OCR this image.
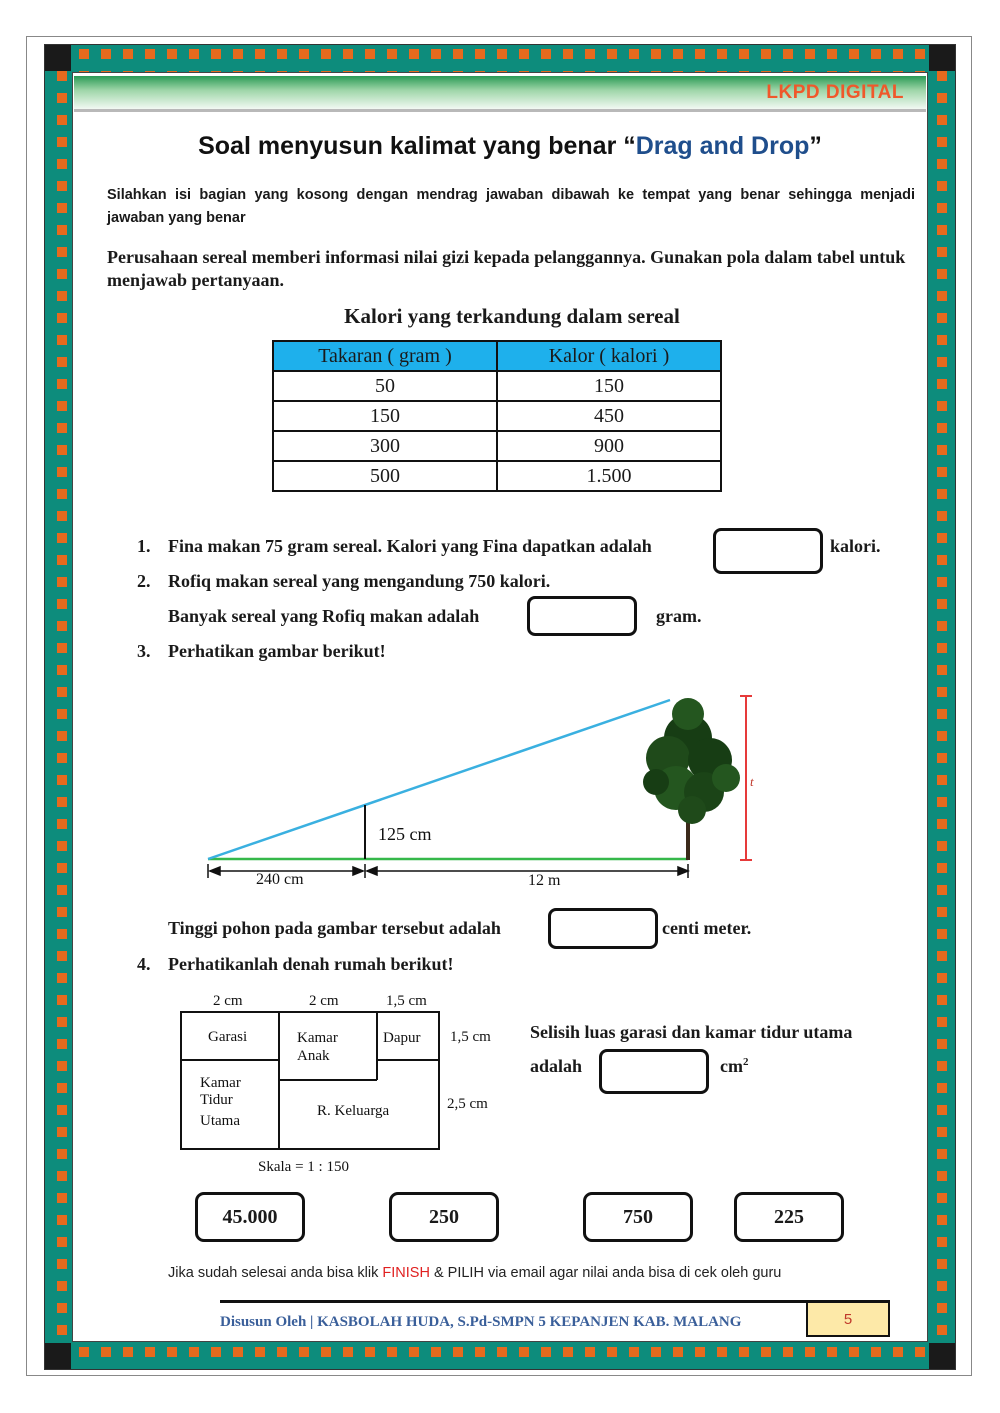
LKPD DIGITAL
Soal menyusun kalimat yang benar “Drag and Drop”
Silahkan isi bagian yang kosong dengan mendrag jawaban dibawah ke tempat yang benar sehingga menjadi jawaban yang benar
Perusahaan sereal memberi informasi nilai gizi kepada pelanggannya. Gunakan pola dalam tabel untuk menjawab pertanyaan.
Kalori yang terkandung dalam sereal
Takaran ( gram )	Kalor ( kalori )
50	150
150	450
300	900
500	1.500
1. Fina makan 75 gram sereal. Kalori yang Fina dapatkan adalah	kalori.
2. Rofiq makan sereal yang mengandung 750 kalori.
Banyak sereal yang Rofiq makan adalah	gram.
3. Perhatikan gambar berikut!
125 cm
t
240 cm	12 m
Tinggi pohon pada gambar tersebut adalah	centi meter.
4. Perhatikanlah denah rumah berikut!
2 cm	2 cm	1,5 cm
1,5 cm
2,5 cm
Garasi	Kamar
Anak
Dapur
Kamar
Tidur
Utama
R. Keluarga
Skala = 1 : 150
Selisih luas garasi dan kamar tidur utama
adalah	$cm^2$
45.000	250	750	225
Jika sudah selesai anda bisa klik FINISH & PILIH via email agar nilai anda bisa di cek oleh guru
Disusun Oleh | KASBOLAH HUDA, S.Pd-SMPN 5 KEPANJEN KAB. MALANG	5
